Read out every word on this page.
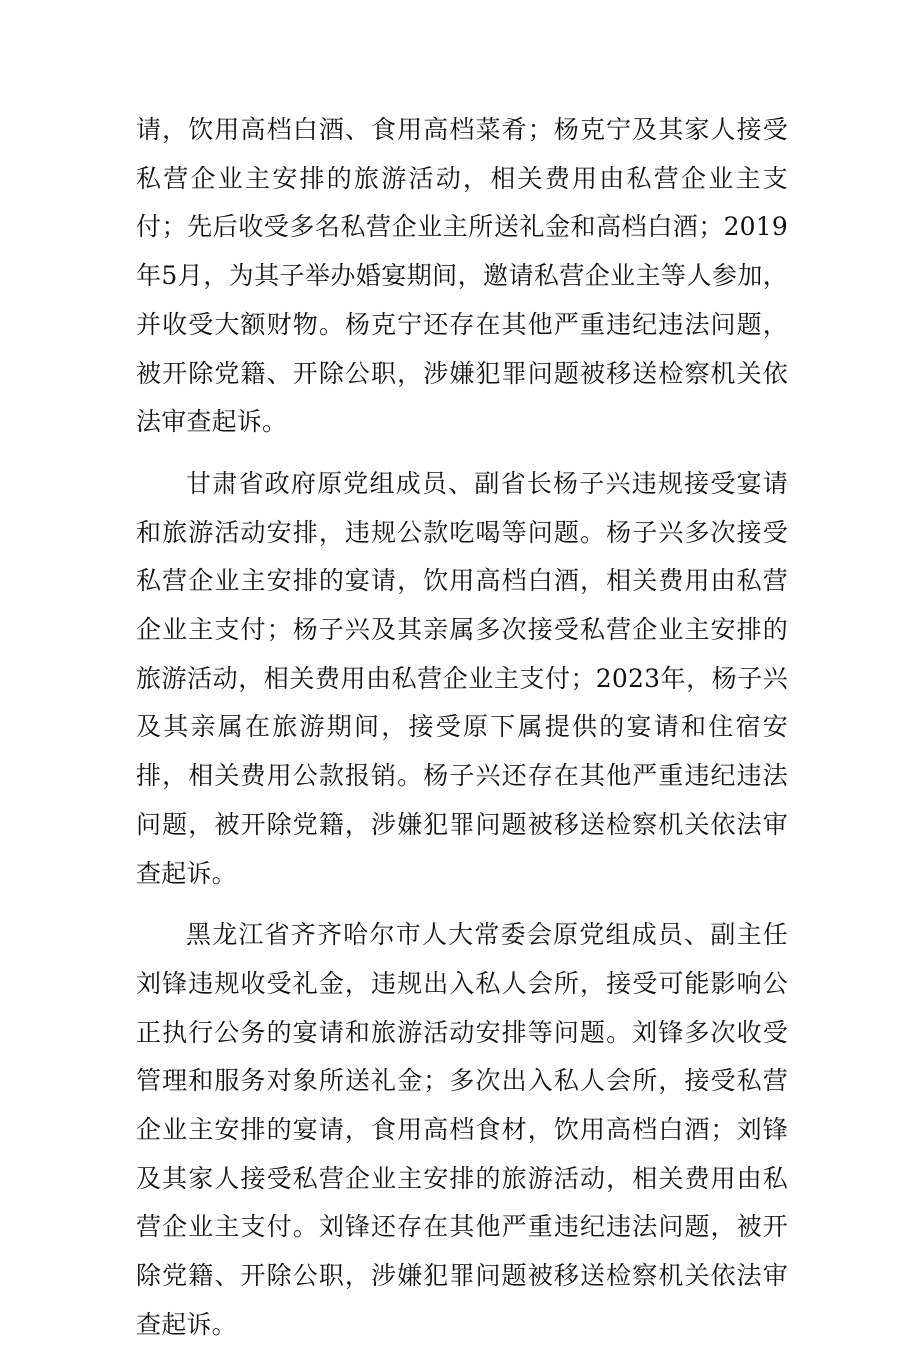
请，饮用高档白酒、食用高档菜肴；杨克宁及其家人接受私营企业主安排的旅游活动，相关费用由私营企业主支付；先后收受多名私营企业主所送礼金和高档白酒；2019年5月，为其子举办婚宴期间，邀请私营企业主等人参加，并收受大额财物。杨克宁还存在其他严重违纪违法问题，被开除党籍、开除公职，涉嫌犯罪问题被移送检察机关依法审查起诉。

甘肃省政府原党组成员、副省长杨子兴违规接受宴请和旅游活动安排，违规公款吃喝等问题。杨子兴多次接受私营企业主安排的宴请，饮用高档白酒，相关费用由私营企业主支付；杨子兴及其亲属多次接受私营企业主安排的旅游活动，相关费用由私营企业主支付；2023年，杨子兴及其亲属在旅游期间，接受原下属提供的宴请和住宿安排，相关费用公款报销。杨子兴还存在其他严重违纪违法问题，被开除党籍，涉嫌犯罪问题被移送检察机关依法审查起诉。

黑龙江省齐齐哈尔市人大常委会原党组成员、副主任刘锋违规收受礼金，违规出入私人会所，接受可能影响公正执行公务的宴请和旅游活动安排等问题。刘锋多次收受管理和服务对象所送礼金；多次出入私人会所，接受私营企业主安排的宴请，食用高档食材，饮用高档白酒；刘锋及其家人接受私营企业主安排的旅游活动，相关费用由私营企业主支付。刘锋还存在其他严重违纪违法问题，被开除党籍、开除公职，涉嫌犯罪问题被移送检察机关依法审查起诉。
